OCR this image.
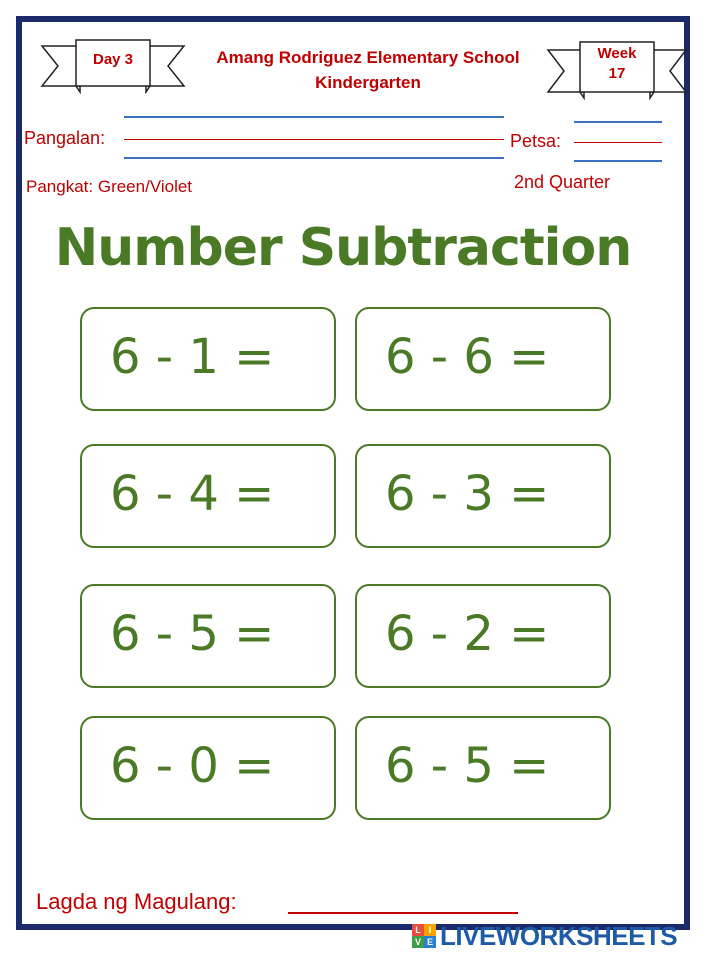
Day 3	Week
17
Amang Rodriguez Elementary School
Kindergarten
Pangalan:	Petsa:
Pangkat: Green/Violet	2nd Quarter
Number Subtraction
6 - 1 = 6 - 6 =
6 - 4 = 6 - 3 =
6 - 5 = 6 - 2 =
6 - 0 = 6 - 5 =
Lagda ng Magulang:
L I
V E LIVEWORKSHEETS
